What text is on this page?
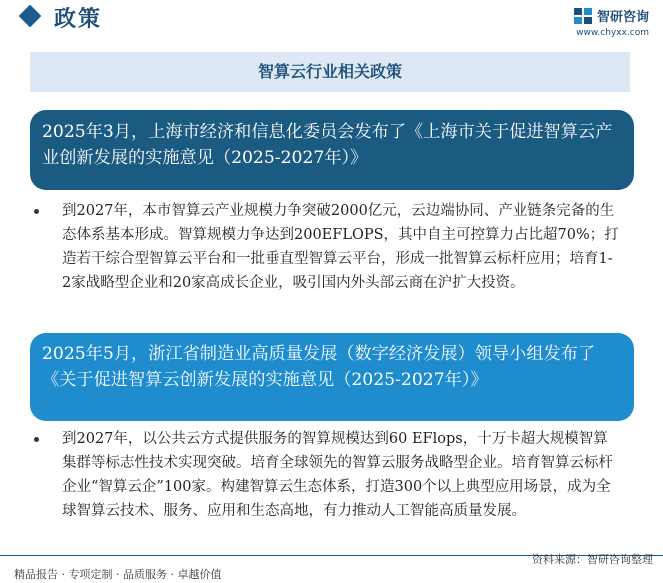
政策	智研咨询
www.chyxx.com
智算云行业相关政策
2025年3月，上海市经济和信息化委员会发布了《上海市关于促进智算云产业创新发展的实施意见（2025-2027年）》
到2027年，本市智算云产业规模力争突破2000亿元，云边端协同、产业链条完备的生态体系基本形成。智算规模力争达到200EFLOPS，其中自主可控算力占比超70%；打造若干综合型智算云平台和一批垂直型智算云平台，形成一批智算云标杆应用；培育1-2家战略型企业和20家高成长企业，吸引国内外头部云商在沪扩大投资。
2025年5月，浙江省制造业高质量发展（数字经济发展）领导小组发布了《关于促进智算云创新发展的实施意见（2025-2027年）》
到2027年，以公共云方式提供服务的智算规模达到60 EFlops，十万卡超大规模智算集群等标志性技术实现突破。培育全球领先的智算云服务战略型企业。培育智算云标杆企业“智算云企”100家。构建智算云生态体系，打造300个以上典型应用场景，成为全球智算云技术、服务、应用和生态高地，有力推动人工智能高质量发展。
资料来源：智研咨询整理
精品报告 · 专项定制 · 品质服务 · 卓越价值
